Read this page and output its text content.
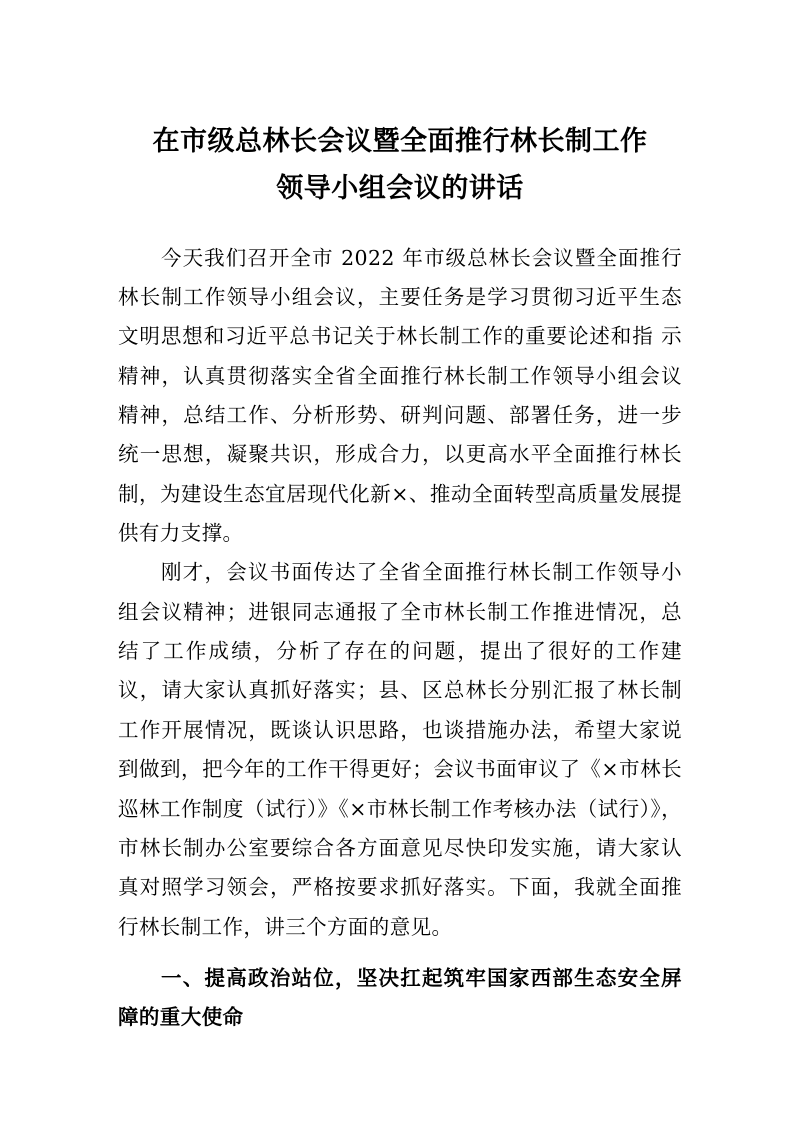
在市级总林长会议暨全面推行林长制工作
领导小组会议的讲话

今天我们召开全市 2022 年市级总林长会议暨全面推行林长制工作领导小组会议，主要任务是学习贯彻习近平生态文明思想和习近平总书记关于林长制工作的重要论述和指 示精神，认真贯彻落实全省全面推行林长制工作领导小组会议精神，总结工作、分析形势、研判问题、部署任务，进一步统一思想，凝聚共识，形成合力，以更高水平全面推行林长制，为建设生态宜居现代化新×、推动全面转型高质量发展提供有力支撑。

刚才，会议书面传达了全省全面推行林长制工作领导小组会议精神；进银同志通报了全市林长制工作推进情况，总结了工作成绩，分析了存在的问题，提出了很好的工作建议，请大家认真抓好落实；县、区总林长分别汇报了林长制工作开展情况，既谈认识思路，也谈措施办法，希望大家说到做到，把今年的工作干得更好；会议书面审议了《×市林长巡林工作制度（试行）》《×市林长制工作考核办法（试行）》，市林长制办公室要综合各方面意见尽快印发实施，请大家认真对照学习领会，严格按要求抓好落实。下面，我就全面推行林长制工作，讲三个方面的意见。

一、提高政治站位，坚决扛起筑牢国家西部生态安全屏障的重大使命
